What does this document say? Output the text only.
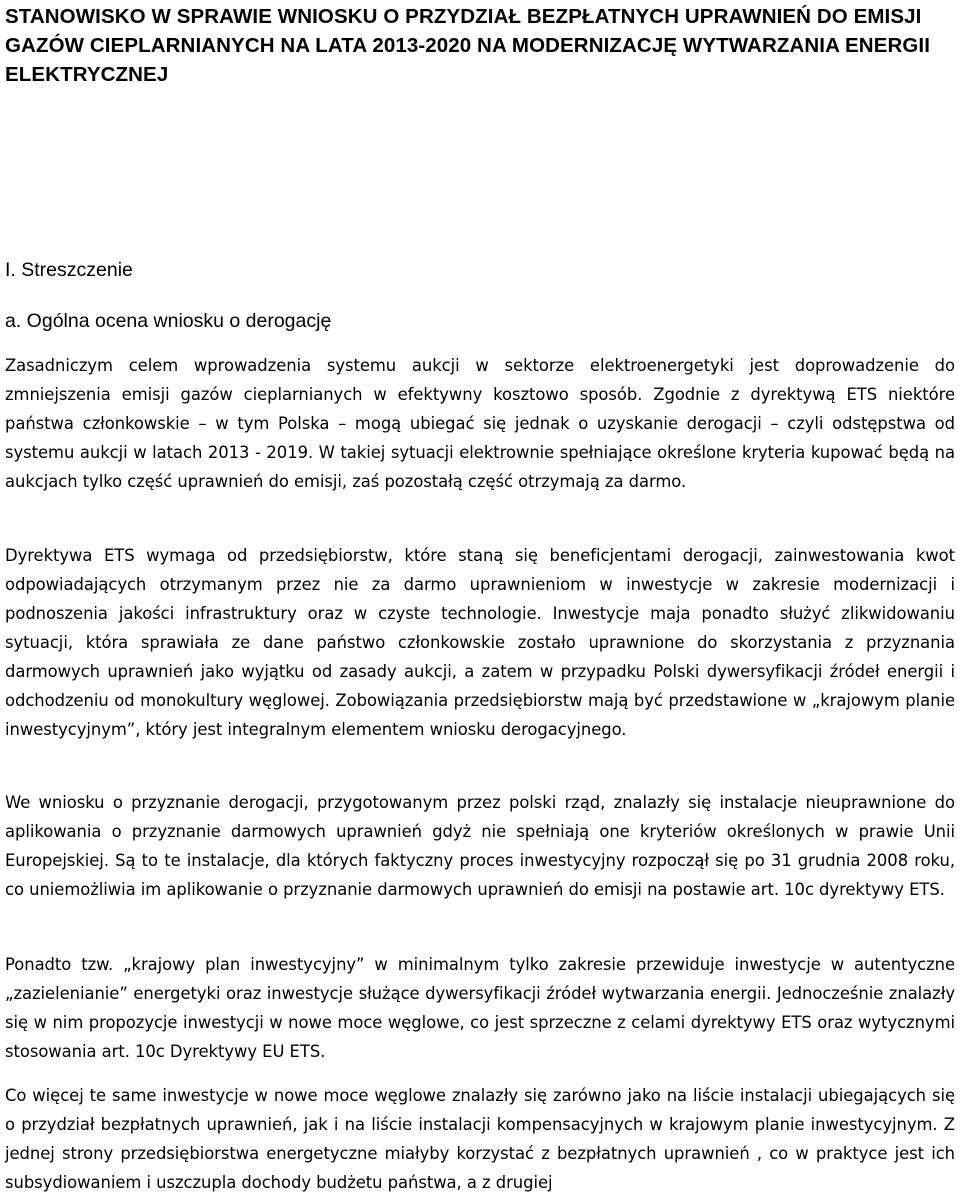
STANOWISKO W SPRAWIE WNIOSKU O PRZYDZIAŁ BEZPŁATNYCH UPRAWNIEŃ DO EMISJI GAZÓW CIEPLARNIANYCH NA LATA 2013-2020 NA MODERNIZACJĘ WYTWARZANIA ENERGII ELEKTRYCZNEJ
I. Streszczenie
a. Ogólna ocena wniosku o derogację

Zasadniczym celem wprowadzenia systemu aukcji w sektorze elektroenergetyki jest doprowadzenie do zmniejszenia emisji gazów cieplarnianych w efektywny kosztowo sposób. Zgodnie z dyrektywą ETS niektóre państwa członkowskie – w tym Polska – mogą ubiegać się jednak o uzyskanie derogacji – czyli odstępstwa od systemu aukcji w latach 2013 - 2019. W takiej sytuacji elektrownie spełniające określone kryteria kupować będą na aukcjach tylko część uprawnień do emisji, zaś pozostałą część otrzymają za darmo.

Dyrektywa ETS wymaga od przedsiębiorstw, które staną się beneficjentami derogacji, zainwestowania kwot odpowiadających otrzymanym przez nie za darmo uprawnieniom w inwestycje w zakresie modernizacji i podnoszenia jakości infrastruktury oraz w czyste technologie. Inwestycje maja ponadto służyć zlikwidowaniu sytuacji, która sprawiała ze dane państwo członkowskie zostało uprawnione do skorzystania z przyznania darmowych uprawnień jako wyjątku od zasady aukcji, a zatem w przypadku Polski dywersyfikacji źródeł energii i odchodzeniu od monokultury węglowej. Zobowiązania przedsiębiorstw mają być przedstawione w „krajowym planie inwestycyjnym”, który jest integralnym elementem wniosku derogacyjnego.

We wniosku o przyznanie derogacji, przygotowanym przez polski rząd, znalazły się instalacje nieuprawnione do aplikowania o przyznanie darmowych uprawnień gdyż nie spełniają one kryteriów określonych w prawie Unii Europejskiej. Są to te instalacje, dla których faktyczny proces inwestycyjny rozpoczął się po 31 grudnia 2008 roku, co uniemożliwia im aplikowanie o przyznanie darmowych uprawnień do emisji na postawie art. 10c dyrektywy ETS.

Ponadto tzw. „krajowy plan inwestycyjny” w minimalnym tylko zakresie przewiduje inwestycje w autentyczne „zazielenianie” energetyki oraz inwestycje służące dywersyfikacji źródeł wytwarzania energii. Jednocześnie znalazły się w nim propozycje inwestycji w nowe moce węglowe, co jest sprzeczne z celami dyrektywy ETS oraz wytycznymi stosowania art. 10c Dyrektywy EU ETS.

Co więcej te same inwestycje w nowe moce węglowe znalazły się zarówno jako na liście instalacji ubiegających się o przydział bezpłatnych uprawnień, jak i na liście instalacji kompensacyjnych w krajowym planie inwestycyjnym. Z jednej strony przedsiębiorstwa energetyczne miałyby korzystać z bezpłatnych uprawnień , co w praktyce jest ich subsydiowaniem i uszczupla dochody budżetu państwa, a z drugiej
